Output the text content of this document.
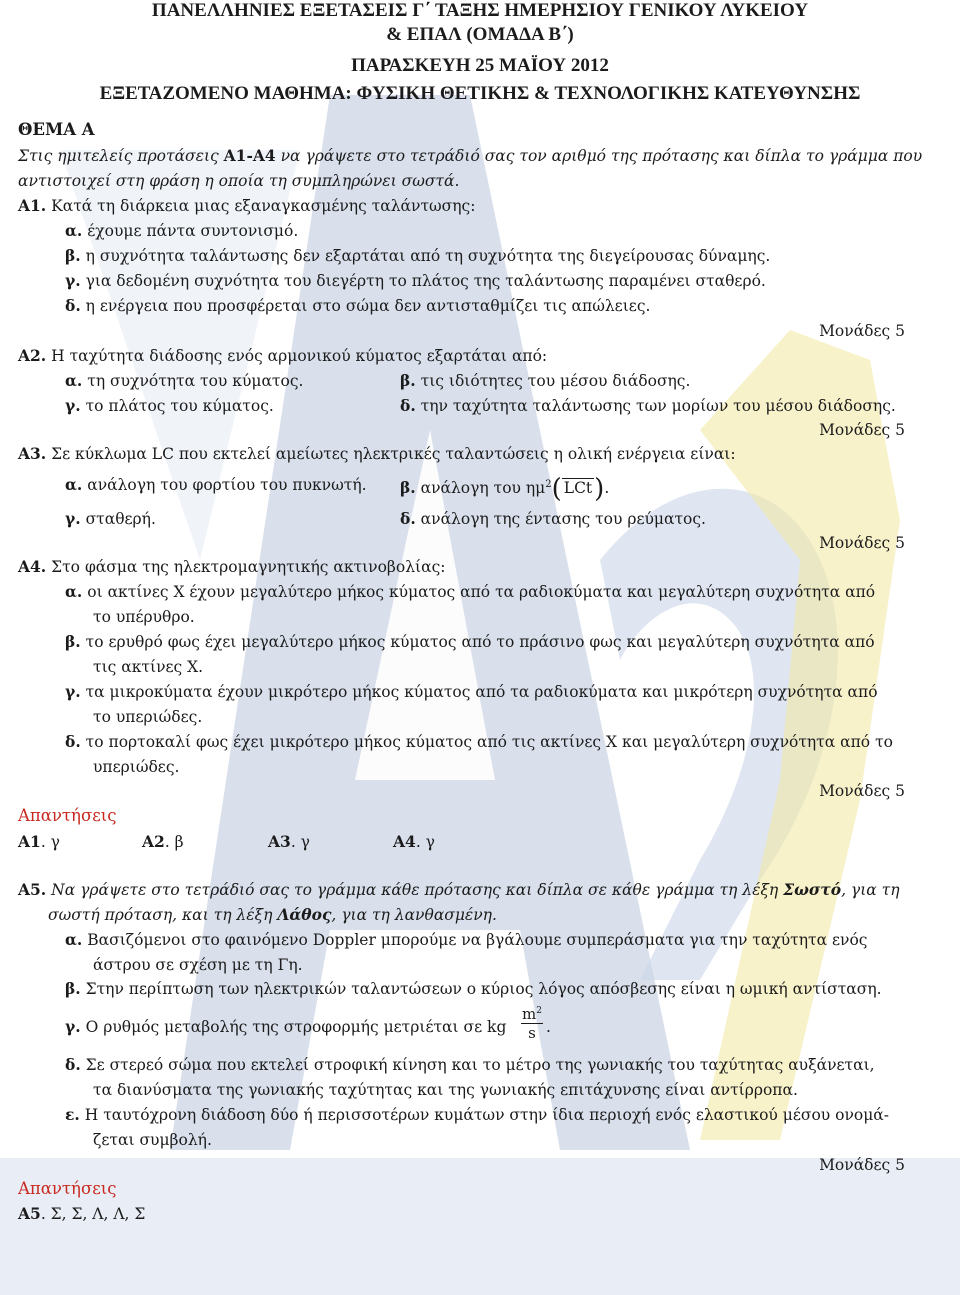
ΠΑΝΕΛΛΗΝΙΕΣ ΕΞΕΤΑΣΕΙΣ Γ΄ ΤΑΞΗΣ ΗΜΕΡΗΣΙΟΥ ΓΕΝΙΚΟΥ ΛΥΚΕΙΟΥ
& ΕΠΑΛ (ΟΜΑΔΑ Β΄)
ΠΑΡΑΣΚΕΥΗ 25 ΜΑΪΟΥ 2012
ΕΞΕΤΑΖΟΜΕΝΟ ΜΑΘΗΜΑ: ΦΥΣΙΚΗ ΘΕΤΙΚΗΣ & ΤΕΧΝΟΛΟΓΙΚΗΣ ΚΑΤΕΥΘΥΝΣΗΣ
ΘΕΜΑ Α
Στις ημιτελείς προτάσεις Α1-Α4 να γράψετε στο τετράδιό σας τον αριθμό της πρότασης και δίπλα το γράμμα που
αντιστοιχεί στη φράση η οποία τη συμπληρώνει σωστά.
Α1. Κατά τη διάρκεια μιας εξαναγκασμένης ταλάντωσης:
α. έχουμε πάντα συντονισμό.
β. η συχνότητα ταλάντωσης δεν εξαρτάται από τη συχνότητα της διεγείρουσας δύναμης.
γ. για δεδομένη συχνότητα του διεγέρτη το πλάτος της ταλάντωσης παραμένει σταθερό.
δ. η ενέργεια που προσφέρεται στο σώμα δεν αντισταθμίζει τις απώλειες.
Μονάδες 5
Α2. Η ταχύτητα διάδοσης ενός αρμονικού κύματος εξαρτάται από:
α. τη συχνότητα του κύματος.	β. τις ιδιότητες του μέσου διάδοσης.
γ. το πλάτος του κύματος.	δ. την ταχύτητα ταλάντωσης των μορίων του μέσου διάδοσης.
Μονάδες 5
Α3. Σε κύκλωμα LC που εκτελεί αμείωτες ηλεκτρικές ταλαντώσεις η ολική ενέργεια είναι:
α. ανάλογη του φορτίου του πυκνωτή. β. ανάλογη του $\eta\mu^2$( LCt).
γ. σταθερή.	δ. ανάλογη της έντασης του ρεύματος.
Μονάδες 5
Α4. Στο φάσμα της ηλεκτρομαγνητικής ακτινοβολίας:
α. οι ακτίνες Χ έχουν μεγαλύτερο μήκος κύματος από τα ραδιοκύματα και μεγαλύτερη συχνότητα από
το υπέρυθρο.
β. το ερυθρό φως έχει μεγαλύτερο μήκος κύματος από το πράσινο φως και μεγαλύτερη συχνότητα από
τις ακτίνες Χ.
γ. τα μικροκύματα έχουν μικρότερο μήκος κύματος από τα ραδιοκύματα και μικρότερη συχνότητα από
το υπεριώδες.
δ. το πορτοκαλί φως έχει μικρότερο μήκος κύματος από τις ακτίνες Χ και μεγαλύτερη συχνότητα από το
υπεριώδες.
Μονάδες 5
Απαντήσεις
Α1. γ	Α2. β	Α3. γ	Α4. γ
Α5. Να γράψετε στο τετράδιό σας το γράμμα κάθε πρότασης και δίπλα σε κάθε γράμμα τη λέξη Σωστό, για τη
σωστή πρόταση, και τη λέξη Λάθος, για τη λανθασμένη.
α. Βασιζόμενοι στο φαινόμενο Doppler μπορούμε να βγάλουμε συμπεράσματα για την ταχύτητα ενός
άστρου σε σχέση με τη Γη.
β. Στην περίπτωση των ηλεκτρικών ταλαντώσεων ο κύριος λόγος απόσβεσης είναι η ωμική αντίσταση.
γ. Ο ρυθμός μεταβολής της στροφορμής μετριέται σε kg $\frac{m^2}{s}$ .
δ. Σε στερεό σώμα που εκτελεί στροφική κίνηση και το μέτρο της γωνιακής του ταχύτητας αυξάνεται,
τα διανύσματα της γωνιακής ταχύτητας και της γωνιακής επιτάχυνσης είναι αντίρροπα.
ε. Η ταυτόχρονη διάδοση δύο ή περισσοτέρων κυμάτων στην ίδια περιοχή ενός ελαστικού μέσου ονομά-
ζεται συμβολή.
Μονάδες 5
Απαντήσεις
Α5. Σ, Σ, Λ, Λ, Σ
